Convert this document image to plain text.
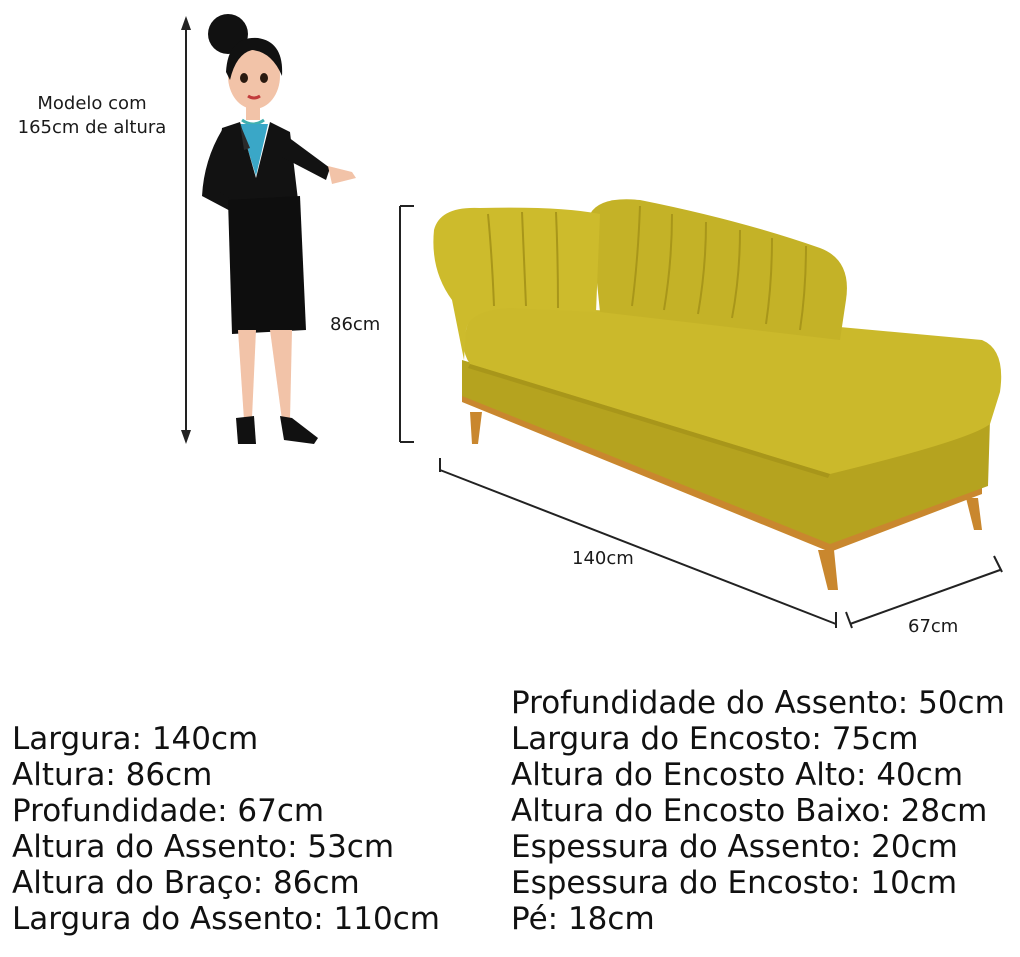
Modelo com
165cm de altura
86cm
140cm
67cm
Largura: 140cm
Altura: 86cm
Profundidade: 67cm
Altura do Assento: 53cm
Altura do Braço: 86cm
Largura do Assento: 110cm
Profundidade do Assento: 50cm
Largura do Encosto: 75cm
Altura do Encosto Alto: 40cm
Altura do Encosto Baixo: 28cm
Espessura do Assento: 20cm
Espessura do Encosto: 10cm
Pé: 18cm
